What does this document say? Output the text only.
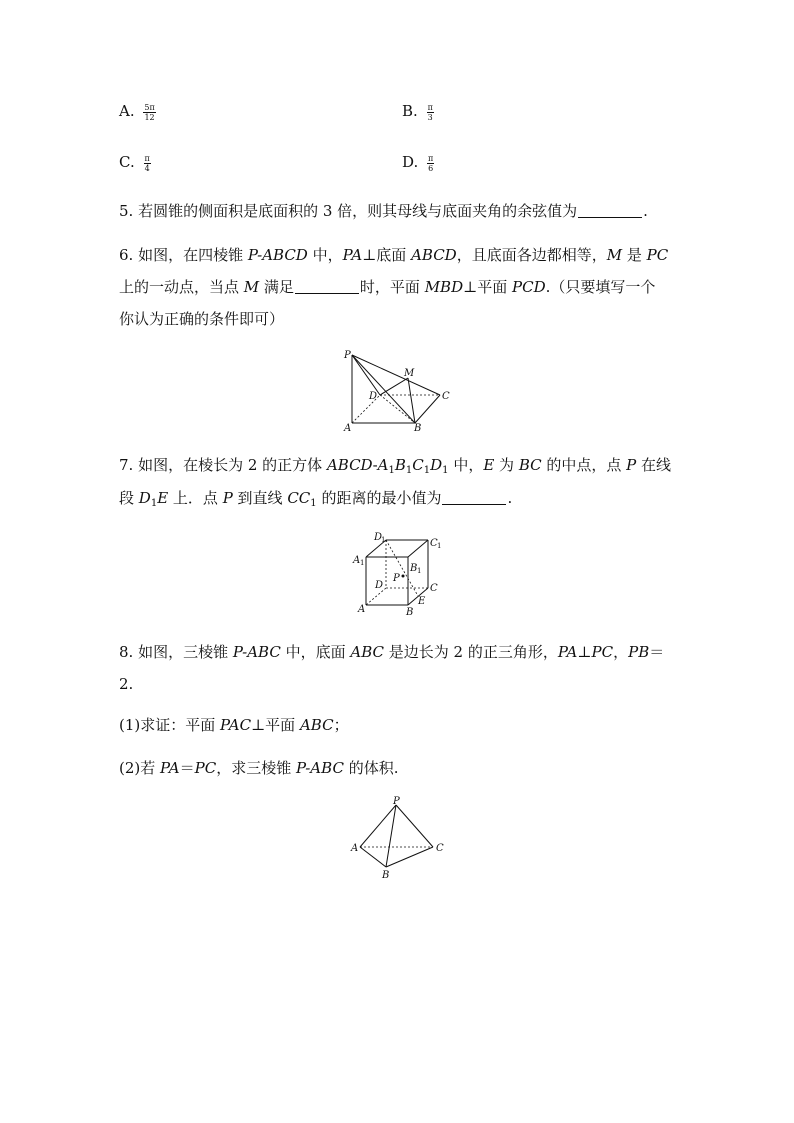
A. $\frac{5\pi}{12}$	B. $\frac{\pi}{3}$
C. $\frac{\pi}{4}$	D. $\frac{\pi}{6}$
5. 若圆锥的侧面积是底面积的 3 倍，则其母线与底面夹角的余弦值为	.
6. 如图，在四棱锥 P-ABCD 中，PA⊥底面 ABCD，且底面各边都相等，M 是 PC
上的一动点，当点 M 满足	时，平面 MBD⊥平面 PCD.（只要填写一个
你认为正确的条件即可）
P
M
D	C
A	B
7. 如图，在棱长为 2 的正方体 ABCD-$A_1B_1C_1D_1$ 中，E 为 BC 的中点，点 P 在线
段 $D_1E$ 上．点 P 到直线 $CC_1$ 的距离的最小值为	.
D
C
A
B
D
P
C
A	B
E
1
1
1
1
8. 如图，三棱锥 P-ABC 中，底面 ABC 是边长为 2 的正三角形，PA⊥PC，PB＝
2.
(1)求证：平面 PAC⊥平面 ABC；
(2)若 PA＝PC，求三棱锥 P-ABC 的体积.
P
A
B
C
